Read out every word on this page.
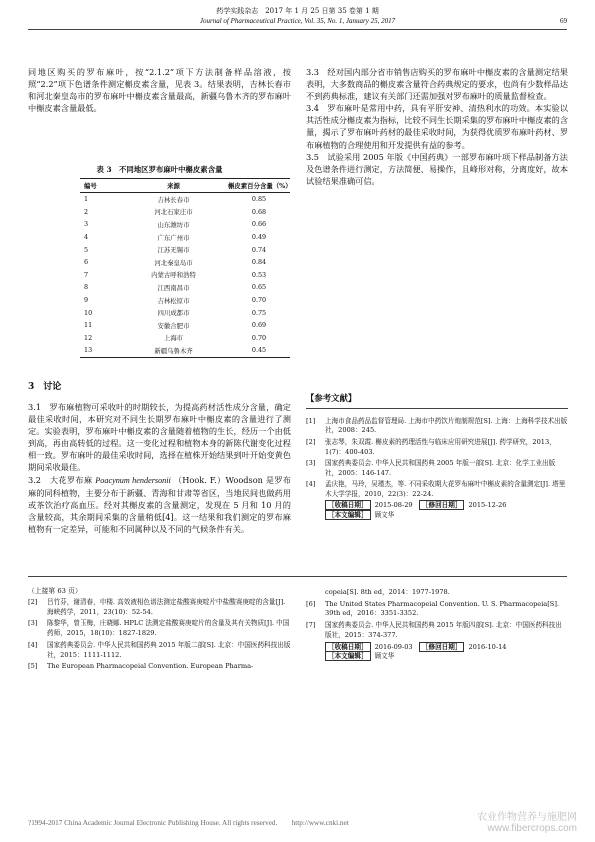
药学实践杂志　2017 年 1 月 25 日第 35 卷第 1 期
Journal of Pharmaceutical Practice, Vol. 35, No. 1, January 25, 2017	69
同地区购买的罗布麻叶，按“2.1.2”项下方法制备样品溶液，按照“2.2”项下色谱条件测定槲皮素含量，见表 3。结果表明，吉林长春市和河北秦皇岛市的罗布麻叶中槲皮素含量最高，新疆乌鲁木齐的罗布麻叶中槲皮素含量最低。
表 3　不同地区罗布麻叶中槲皮素含量
编号	来源	槲皮素百分含量（%）
1	吉林长春市	0.85
2	河北石家庄市	0.68
3	山东潍坊市	0.66
4	广东广州市	0.49
5	江苏无锡市	0.74
6	河北秦皇岛市	0.84
7	内蒙古呼和浩特	0.53
8	江西南昌市	0.65
9	吉林松原市	0.70
10	四川成都市	0.75
11	安徽合肥市	0.69
12	上海市	0.70
13	新疆乌鲁木齐	0.45
3　讨论

3.1　罗布麻植物可采收叶的时期较长，为提高药材活性成分含量，确定最佳采收时间，本研究对不同生长期罗布麻叶中槲皮素的含量进行了测定。实验表明，罗布麻叶中槲皮素的含量随着植物的生长，经历一个由低到高，再由高转低的过程。这一变化过程和植物本身的新陈代谢变化过程相一致。罗布麻叶的最佳采收时间，选择在植株开始结果到叶开始变黄色期间采收最佳。

3.2　大花罗布麻 Poacynum hendersonii （Hook. F.）Woodson 是罗布麻的同科植物，主要分布于新疆、青海和甘肃等省区，当地民间也做药用或茶饮治疗高血压。经对其槲皮素的含量测定，发现在 5 月和 10 月的含量较高，其余期间采集的含量稍低[4]。这一结果和我们测定的罗布麻植物有一定差异，可能和不同属种以及不同的气候条件有关。

3.3　经对国内部分省市销售店购买的罗布麻叶中槲皮素的含量测定结果表明，大多数商品的槲皮素含量符合药典规定的要求，也尚有少数样品达不到药典标准，建议有关部门还需加强对罗布麻叶的质量监督检查。

3.4　罗布麻叶是常用中药，具有平肝安神、清热利水的功效。本实验以其活性成分槲皮素为指标，比较不同生长期采集的罗布麻叶中槲皮素的含量，揭示了罗布麻叶药材的最佳采收时间，为获得优质罗布麻叶药材、罗布麻植物的合理使用和开发提供有益的参考。

3.5　试验采用 2005 年版《中国药典》一部罗布麻叶项下样品制备方法及色谱条件进行测定，方法简便、易操作，且峰形对称，分离度好，故本试验结果准确可信。

【参考文献】
[1]	上海市食品药品监督管理局. 上海市中药饮片炮制规范[S]. 上海：上海科学技术出版社，2008：245.
[2]	张志琴，朱双霞. 槲皮素的药理活性与临床应用研究进展[J]. 药学研究，2013，1(7)：400-403.
[3]	国家药典委员会. 中华人民共和国药典 2005 年版一部[S]. 北京：化学工业出版社，2005：146-147.
[4]	孟庆艳，马玲，吴瑾杰，等. 不同采收期大花罗布麻叶中槲皮素的含量测定[J]. 塔里木大学学报，2010，22(3)：22-24.
［收稿日期］ 2015-08-29 ［修回日期］ 2015-12-26
［本文编辑］ 顾文华
（上接第 63 页）
[2]	吕竹芬，谢清春，申楼. 高效液相色谱法测定盐酸赛庚啶片中盐酸赛庚啶的含量[J]. 海峡药学，2011，23(10)：52-54.
[3]	陈黎华，曾玉梅，庄晓娜. HPLC 法测定盐酸赛庚啶片的含量及其有关物质[J]. 中国药师，2015，18(10)：1827-1829.
[4]	国家药典委员会. 中华人民共和国药典 2015 年版二部[S]. 北京：中国医药科技出版社，2015：1111-1112.
[5]	The European Pharmacopeial Convention. European Pharma-
copeia[S]. 8th ed，2014：1977-1978.
[6]	The United States Pharmacopeial Convention. U. S. Pharmacopeia[S]. 39th ed，2016：3351-3352.
[7]	国家药典委员会. 中华人民共和国药典 2015 年版四部[S]. 北京：中国医药科技出版社，2015：374-377.
［收稿日期］ 2016-09-03 ［修回日期］ 2016-10-14
［本文编辑］ 顾文华
?1994-2017 China Academic Journal Electronic Publishing House. All rights reserved.　　http://www.cnki.net	农业作物营养与施肥网
www.fibercrops.com
